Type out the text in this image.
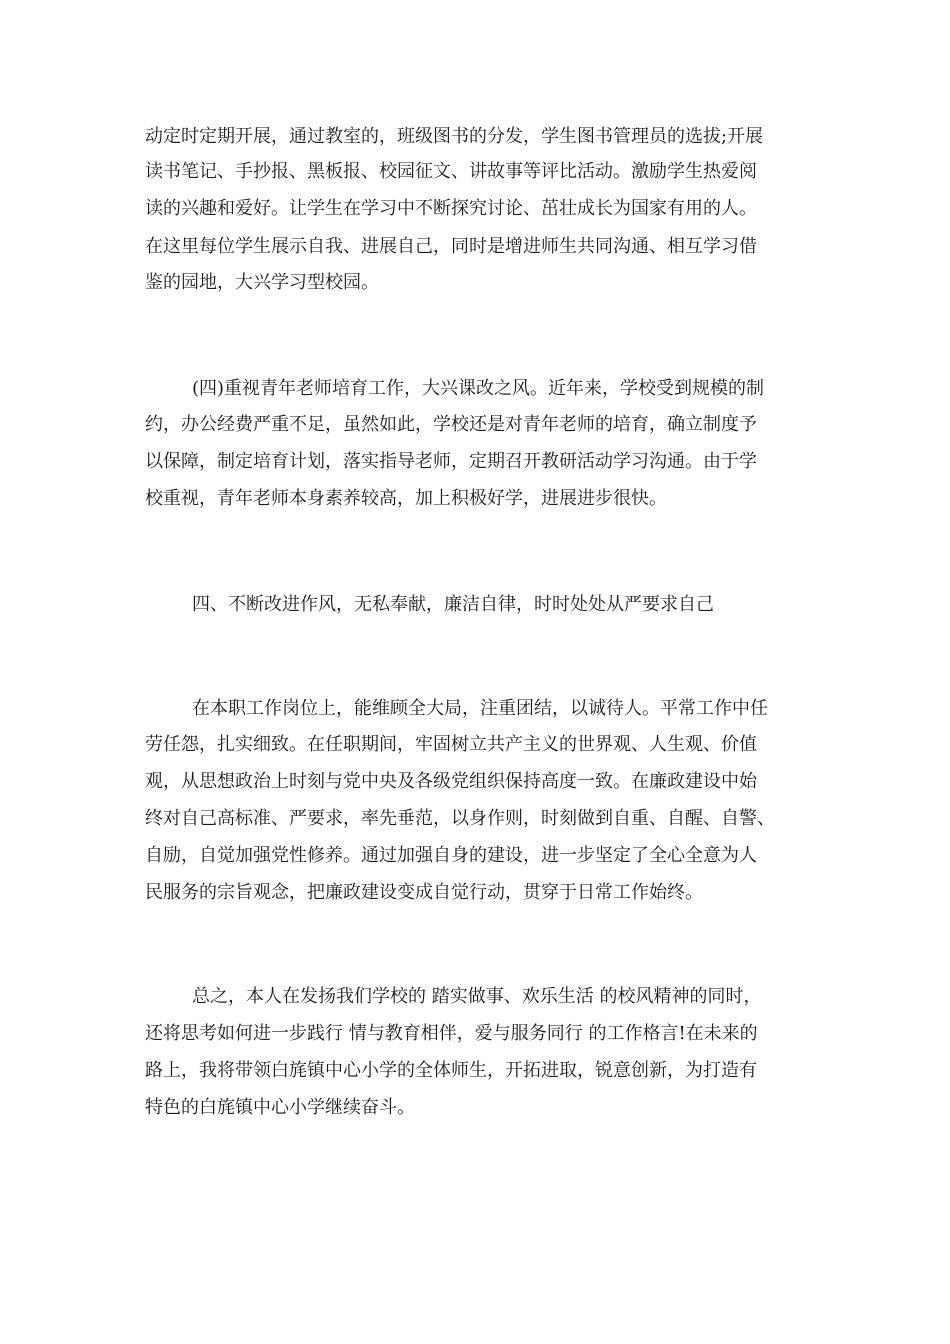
动定时定期开展，通过教室的，班级图书的分发，学生图书管理员的选拔;开展

读书笔记、手抄报、黑板报、校园征文、讲故事等评比活动。激励学生热爱阅

读的兴趣和爱好。让学生在学习中不断探究讨论、茁壮成长为国家有用的人。

在这里每位学生展示自我、进展自己，同时是增进师生共同沟通、相互学习借

鉴的园地，大兴学习型校园。

(四)重视青年老师培育工作，大兴课改之风。近年来，学校受到规模的制

约，办公经费严重不足，虽然如此，学校还是对青年老师的培育，确立制度予

以保障，制定培育计划，落实指导老师，定期召开教研活动学习沟通。由于学

校重视，青年老师本身素养较高，加上积极好学，进展进步很快。

四、不断改进作风，无私奉献，廉洁自律，时时处处从严要求自己

在本职工作岗位上，能维顾全大局，注重团结，以诚待人。平常工作中任

劳任怨，扎实细致。在任职期间，牢固树立共产主义的世界观、人生观、价值

观，从思想政治上时刻与党中央及各级党组织保持高度一致。在廉政建设中始

终对自己高标准、严要求，率先垂范，以身作则，时刻做到自重、自醒、自警、

自励，自觉加强党性修养。通过加强自身的建设，进一步坚定了全心全意为人

民服务的宗旨观念，把廉政建设变成自觉行动，贯穿于日常工作始终。

总之，本人在发扬我们学校的 踏实做事、欢乐生活 的校风精神的同时，

还将思考如何进一步践行 情与教育相伴，爱与服务同行 的工作格言!在未来的

路上，我将带领白旄镇中心小学的全体师生，开拓进取，锐意创新，为打造有

特色的白旄镇中心小学继续奋斗。
